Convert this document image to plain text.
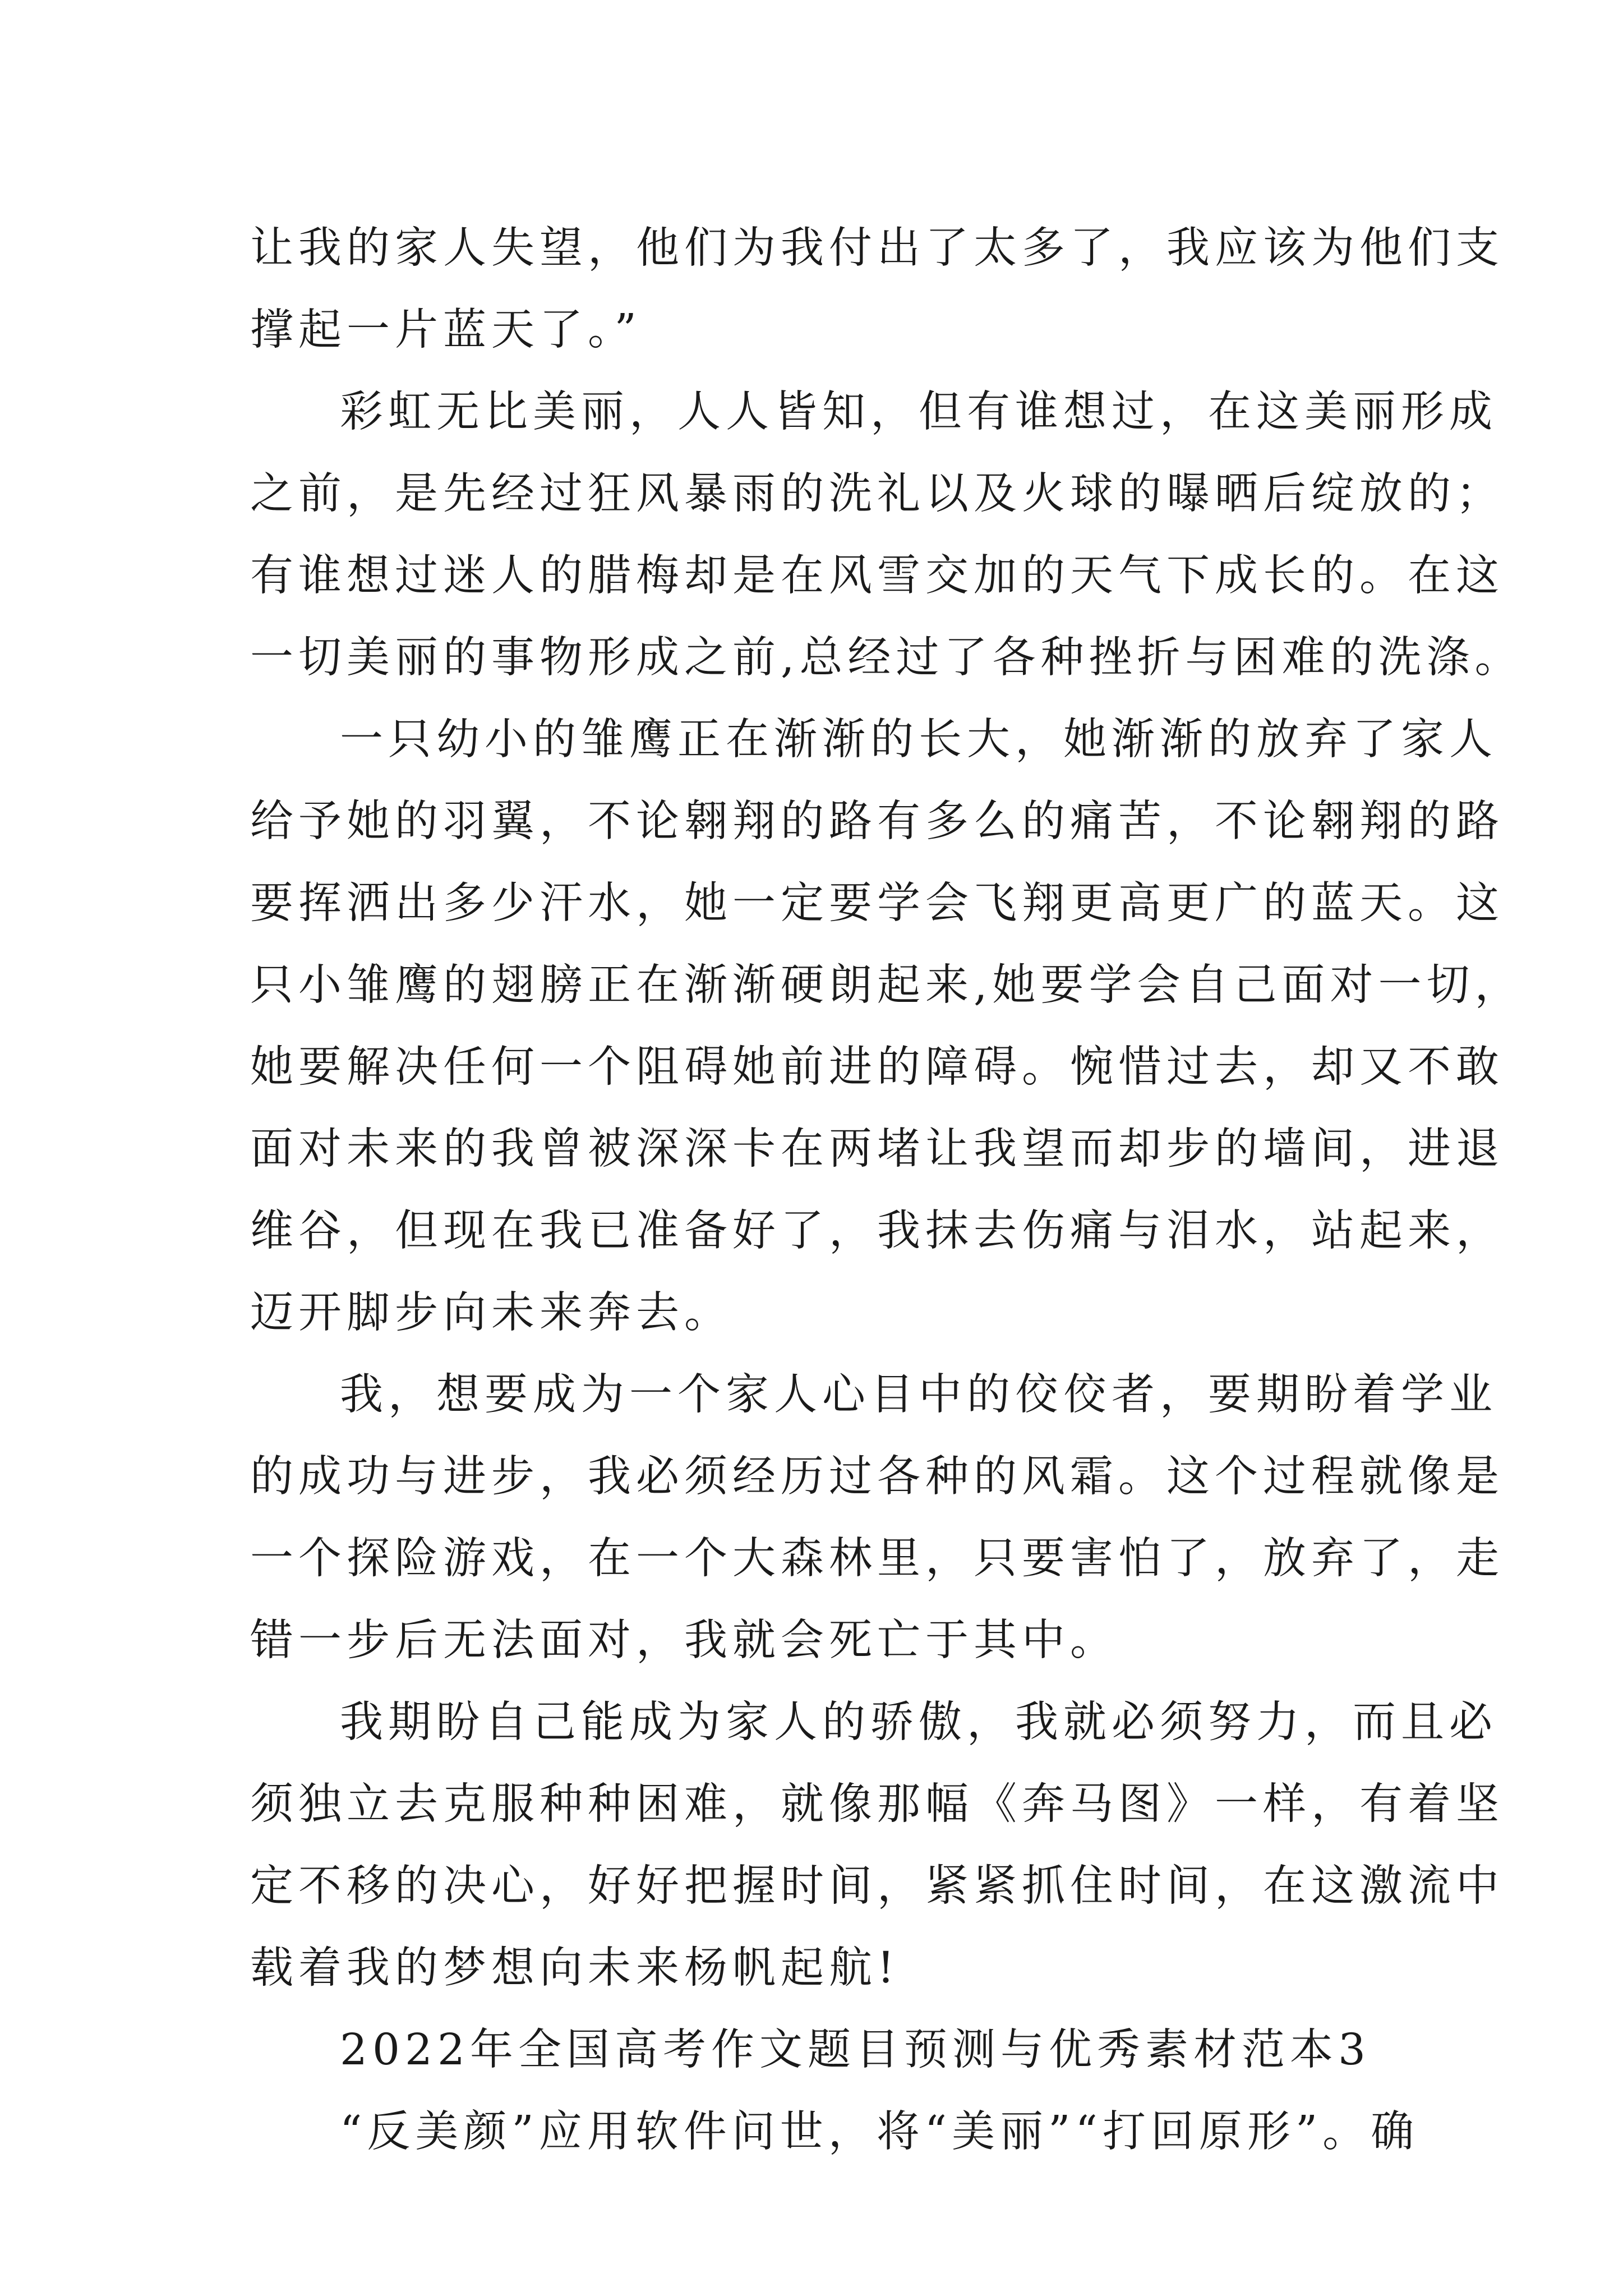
让我的家人失望，他们为我付出了太多了，我应该为他们支
撑起一片蓝天了。”
彩虹无比美丽，人人皆知，但有谁想过，在这美丽形成
之前，是先经过狂风暴雨的洗礼以及火球的曝晒后绽放的；
有谁想过迷人的腊梅却是在风雪交加的天气下成长的。在这
一切美丽的事物形成之前,总经过了各种挫折与困难的洗涤。
一只幼小的雏鹰正在渐渐的长大，她渐渐的放弃了家人
给予她的羽翼，不论翱翔的路有多么的痛苦，不论翱翔的路
要挥洒出多少汗水，她一定要学会飞翔更高更广的蓝天。这
只小雏鹰的翅膀正在渐渐硬朗起来,她要学会自己面对一切，
她要解决任何一个阻碍她前进的障碍。惋惜过去，却又不敢
面对未来的我曾被深深卡在两堵让我望而却步的墙间，进退
维谷，但现在我已准备好了，我抹去伤痛与泪水，站起来，
迈开脚步向未来奔去。
我，想要成为一个家人心目中的佼佼者，要期盼着学业
的成功与进步，我必须经历过各种的风霜。这个过程就像是
一个探险游戏，在一个大森林里，只要害怕了，放弃了，走
错一步后无法面对，我就会死亡于其中。
我期盼自己能成为家人的骄傲，我就必须努力，而且必
须独立去克服种种困难，就像那幅《奔马图》一样，有着坚
定不移的决心，好好把握时间，紧紧抓住时间，在这激流中
载着我的梦想向未来杨帆起航!
2022年全国高考作文题目预测与优秀素材范本3
“反美颜”应用软件问世，将“美丽”“打回原形”。确
